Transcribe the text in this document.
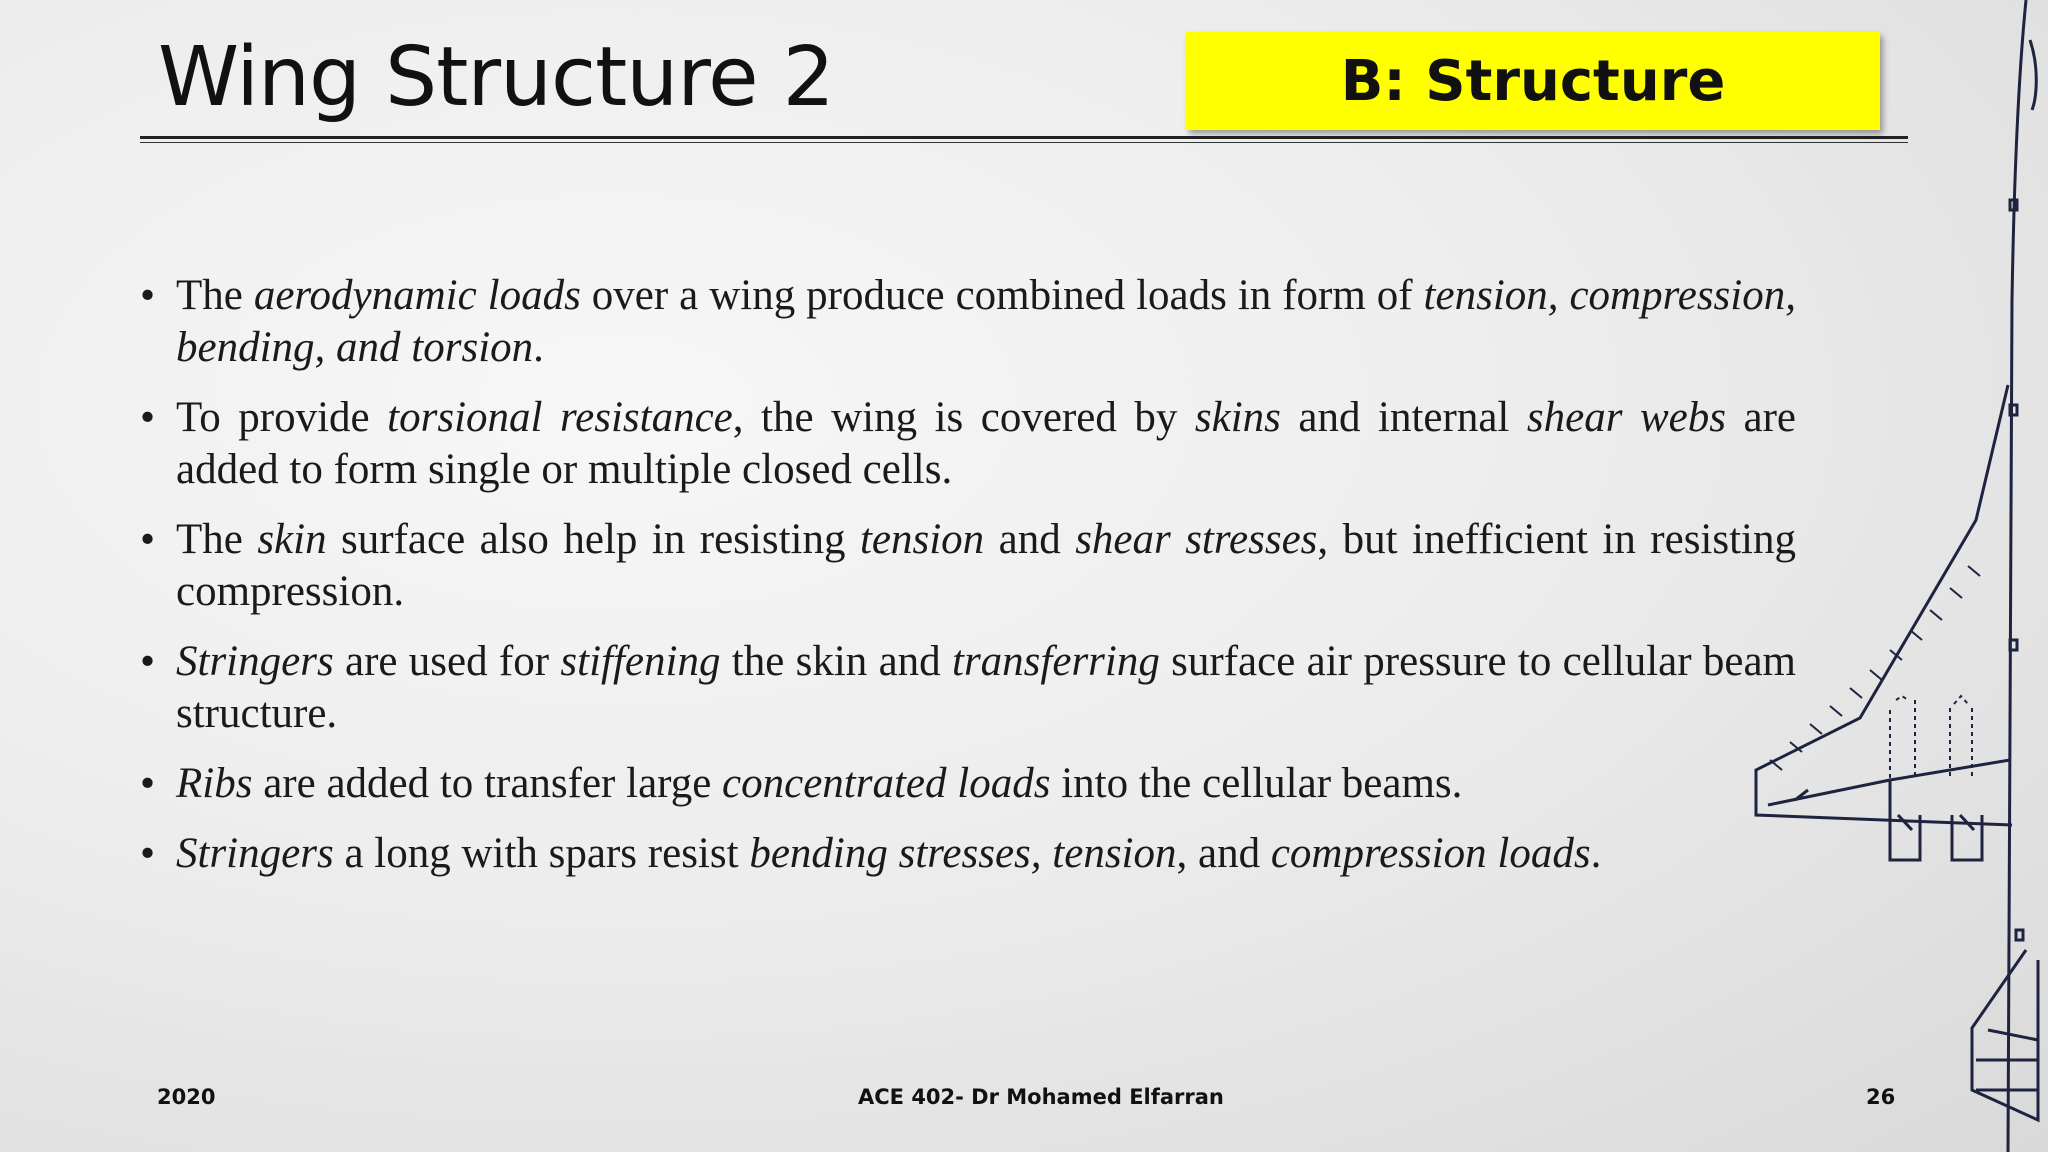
Wing Structure 2	B: Structure
• The aerodynamic loads over a wing produce combined loads in form of tension, compression, bending, and torsion.
• To provide torsional resistance, the wing is covered by skins and internal shear webs are added to form single or multiple closed cells.
• The skin surface also help in resisting tension and shear stresses, but inefficient in resisting compression.
• Stringers are used for stiffening the skin and transferring surface air pressure to cellular beam structure.
• Ribs are added to transfer large concentrated loads into the cellular beams.
• Stringers a long with spars resist bending stresses, tension, and compression loads.
2020	ACE 402- Dr Mohamed Elfarran	26
